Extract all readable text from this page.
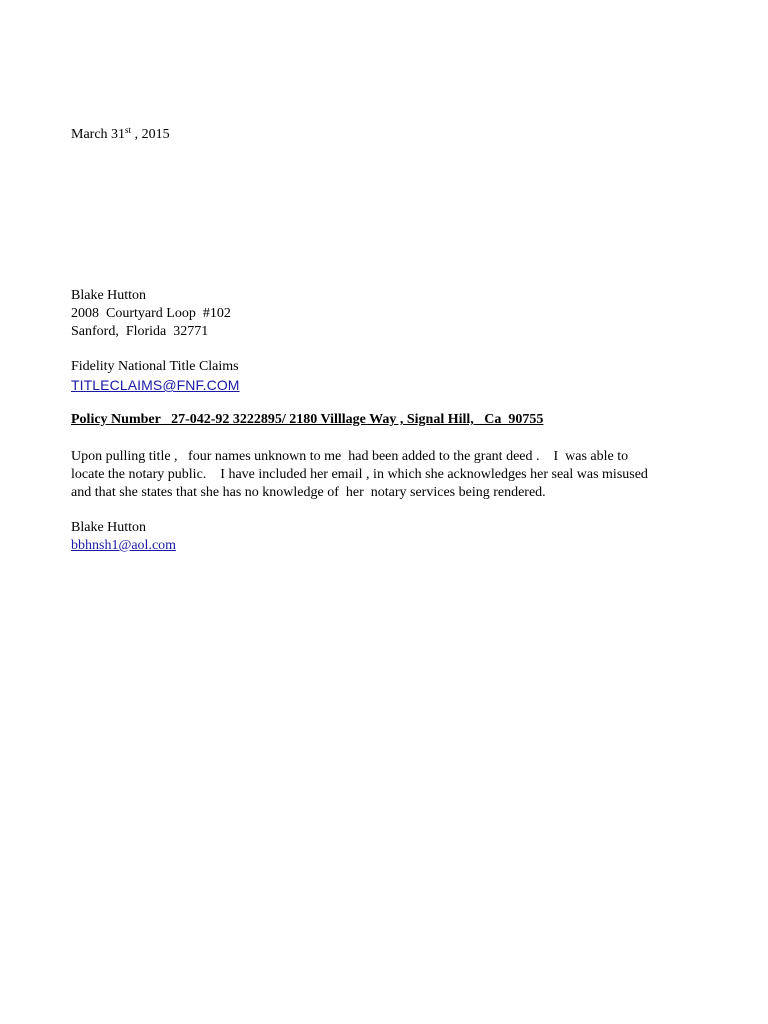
March 31st , 2015

Blake Hutton

2008  Courtyard Loop  #102

Sanford,  Florida  32771

Fidelity National Title Claims

TITLECLAIMS@FNF.COM

Policy Number   27-042-92 3222895/ 2180 Villlage Way , Signal Hill,   Ca  90755

Upon pulling title ,   four names unknown to me  had been added to the grant deed .    I  was able to

locate the notary public.    I have included her email , in which she acknowledges her seal was misused

and that she states that she has no knowledge of  her  notary services being rendered.

Blake Hutton

bbhnsh1@aol.com
